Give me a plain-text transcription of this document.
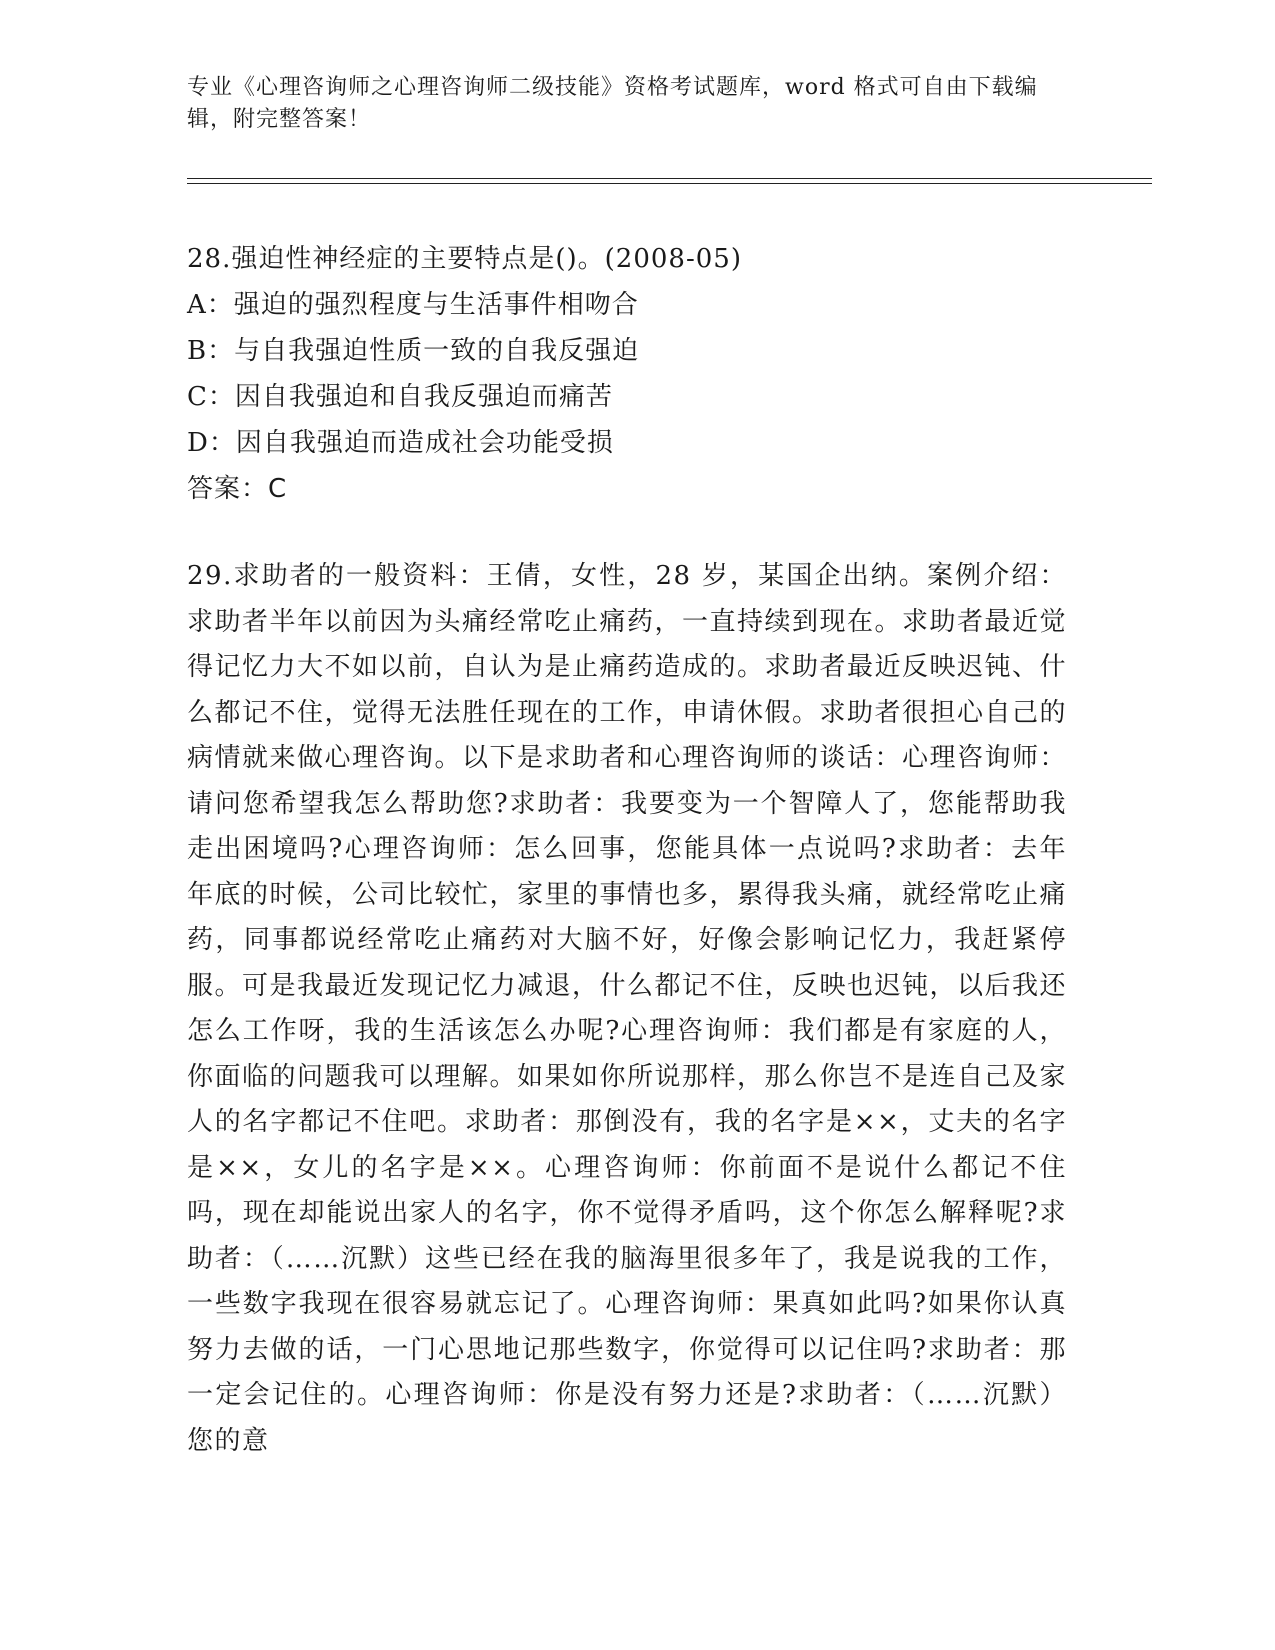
专业《心理咨询师之心理咨询师二级技能》资格考试题库，word 格式可自由下载编辑，附完整答案！
28.强迫性神经症的主要特点是()。(2008-05)
A：强迫的强烈程度与生活事件相吻合
B：与自我强迫性质一致的自我反强迫
C：因自我强迫和自我反强迫而痛苦
D：因自我强迫而造成社会功能受损
答案：C
29.求助者的一般资料：王倩，女性，28 岁，某国企出纳。案例介绍：求助者半年以前因为头痛经常吃止痛药，一直持续到现在。求助者最近觉得记忆力大不如以前，自认为是止痛药造成的。求助者最近反映迟钝、什么都记不住，觉得无法胜任现在的工作，申请休假。求助者很担心自己的病情就来做心理咨询。以下是求助者和心理咨询师的谈话：心理咨询师：请问您希望我怎么帮助您?求助者：我要变为一个智障人了，您能帮助我走出困境吗?心理咨询师：怎么回事，您能具体一点说吗?求助者：去年年底的时候，公司比较忙，家里的事情也多，累得我头痛，就经常吃止痛药，同事都说经常吃止痛药对大脑不好，好像会影响记忆力，我赶紧停服。可是我最近发现记忆力减退，什么都记不住，反映也迟钝，以后我还怎么工作呀，我的生活该怎么办呢?心理咨询师：我们都是有家庭的人，你面临的问题我可以理解。如果如你所说那样，那么你岂不是连自己及家人的名字都记不住吧。求助者：那倒没有，我的名字是××，丈夫的名字是××，女儿的名字是××。心理咨询师：你前面不是说什么都记不住吗，现在却能说出家人的名字，你不觉得矛盾吗，这个你怎么解释呢?求助者：（……沉默）这些已经在我的脑海里很多年了，我是说我的工作，一些数字我现在很容易就忘记了。心理咨询师：果真如此吗?如果你认真努力去做的话，一门心思地记那些数字，你觉得可以记住吗?求助者：那一定会记住的。心理咨询师：你是没有努力还是?求助者：（……沉默）您的意
